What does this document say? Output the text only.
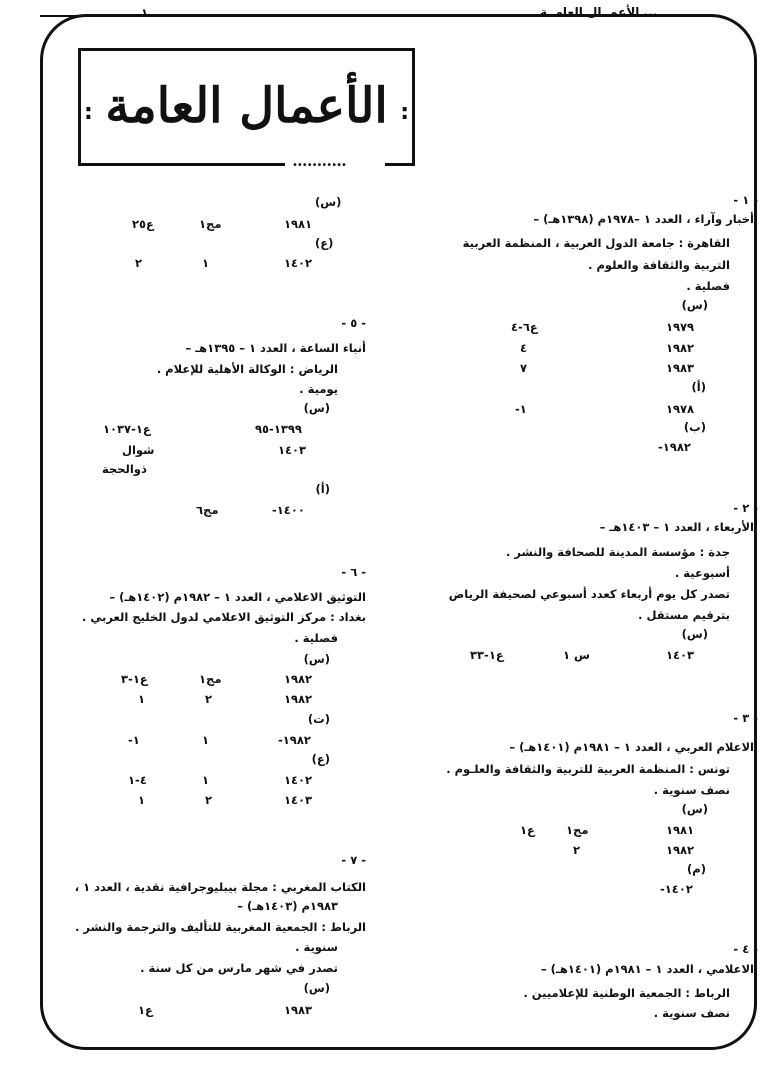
١	... الأعمــال العامــة
:	:
الأعمال العامة
•••••••••••
- ١ -
أخبار وآراء ، العدد ١ –١٩٧٨م (١٣٩٨هـ) –
القاهرة : جامعة الدول العربية ، المنظمة العربية
التربية والثقافة والعلوم .
فصلية .
(س)
١٩٧٩
ع٦-٤
١٩٨٢
٤
١٩٨٣
٧
(أ)
١٩٧٨
-١
(ب)
-١٩٨٢
- ٢ -
الأربعاء ، العدد ١ – ١٤٠٣هـ –
جدة : مؤسسة المدينة للصحافة والنشر .
أسبوعية .
تصدر كل يوم أربعاء كعدد أسبوعي لصحيفة الرياض
بترقيم مستقل .
(س)
١٤٠٣
س ١
ع١-٣٣
- ٣ -
الاعلام العربي ، العدد ١ – ١٩٨١م (١٤٠١هـ) –
تونس : المنظمة العربية للتربية والثقافة والعلـوم .
نصف سنوية .
(س)
١٩٨١
مج١
ع١
١٩٨٢
٢
(م)
-١٤٠٢
- ٤ -
الاعلامي ، العدد ١ – ١٩٨١م (١٤٠١هـ) –
الرباط : الجمعية الوطنية للإعلاميين .
نصف سنوية .
(س)
١٩٨١
مج١
ع٢٥
(ع)
١٤٠٢
١
٢
- ٥ -
أنباء الساعة ، العدد ١ – ١٣٩٥هـ –
الرياض : الوكالة الأهلية للإعلام .
يومية .
(س)
١٣٩٩-٩٥
ع١-١٠٣٧
١٤٠٣
شوال
ذوالحجة
(أ)
-١٤٠٠
مج٦
- ٦ -
التوثيق الاعلامي ، العدد ١ – ١٩٨٢م (١٤٠٢هـ) –
بغداد : مركز التوثيق الاعلامي لدول الخليج العربي .
فصلية .
(س)
١٩٨٢
مج١
ع١-٣
١٩٨٢
٢
١
(ت)
-١٩٨٢
١
-١
(ع)
١٤٠٢
١
٤-١
١٤٠٣
٢
١
- ٧ -
الكتاب المغربي : مجلة بيبليوجرافية نقدية ، العدد ١ ،
١٩٨٣م (١٤٠٣هـ) –
الرباط : الجمعية المغربية للتأليف والترجمة والنشر .
سنوية .
تصدر في شهر مارس من كل سنة .
(س)
١٩٨٣
ع١
